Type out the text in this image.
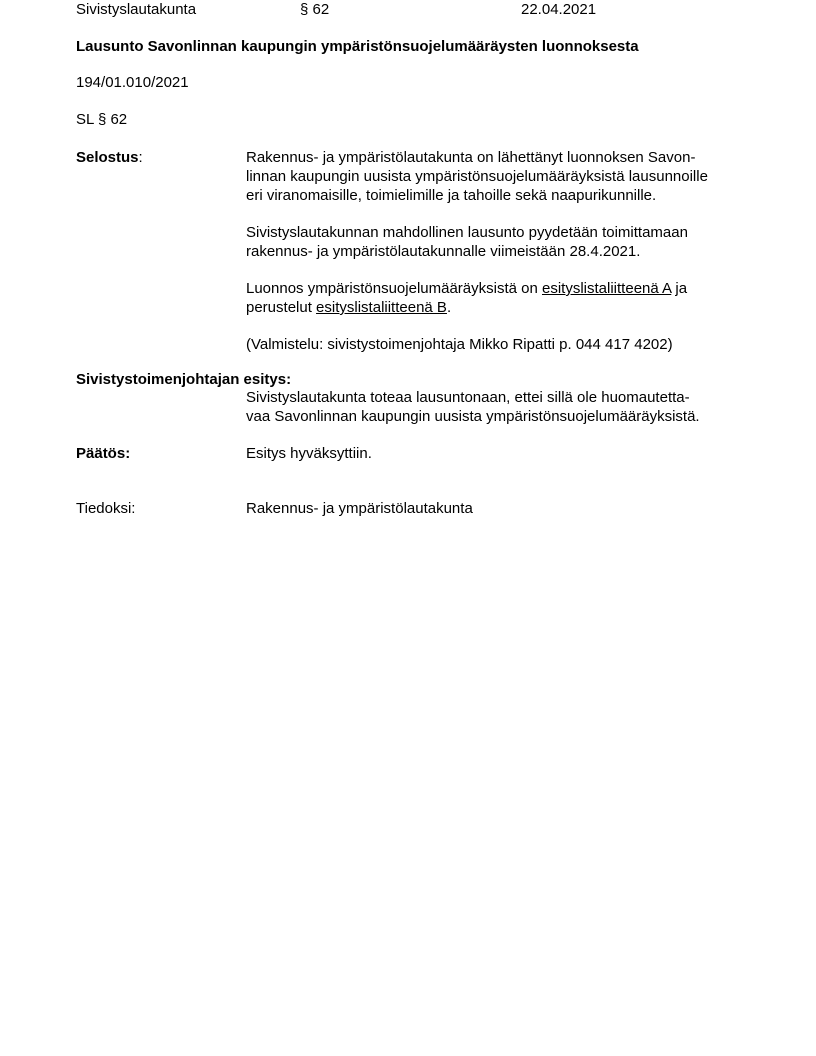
Sivistyslautakunta	§ 62	22.04.2021
Lausunto Savonlinnan kaupungin ympäristönsuojelumääräysten luonnoksesta
194/01.010/2021
SL § 62
Selostus:	Rakennus- ja ympäristölautakunta on lähettänyt luonnoksen Savon-
linnan kaupungin uusista ympäristönsuojelumääräyksistä lausunnoille
eri viranomaisille, toimielimille ja tahoille sekä naapurikunnille.
Sivistyslautakunnan mahdollinen lausunto pyydetään toimittamaan
rakennus- ja ympäristölautakunnalle viimeistään 28.4.2021.
Luonnos ympäristönsuojelumääräyksistä on esityslistaliitteenä A ja
perustelut esityslistaliitteenä B.
(Valmistelu: sivistystoimenjohtaja Mikko Ripatti p. 044 417 4202)
Sivistystoimenjohtajan esitys:
Sivistyslautakunta toteaa lausuntonaan, ettei sillä ole huomautetta-
vaa Savonlinnan kaupungin uusista ympäristönsuojelumääräyksistä.
Päätös:	Esitys hyväksyttiin.
Tiedoksi:	Rakennus- ja ympäristölautakunta
